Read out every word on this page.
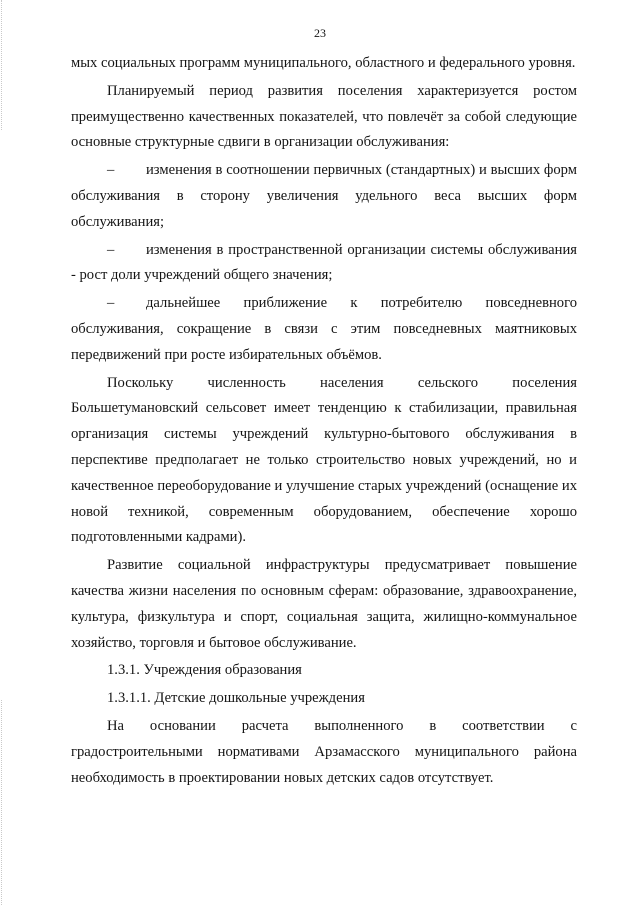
23

мых социальных программ муниципального, областного и федерального уровня.

Планируемый период развития поселения характеризуется ростом преимущественно качественных показателей, что повлечёт за собой следующие основные структурные сдвиги в организации обслуживания:

– изменения в соотношении первичных (стандартных) и высших форм обслуживания в сторону увеличения удельного веса высших форм обслуживания;

– изменения в пространственной организации системы обслуживания - рост доли учреждений общего значения;

– дальнейшее приближение к потребителю повседневного обслуживания, сокращение в связи с этим повседневных маятниковых передвижений при росте избирательных объёмов.

Поскольку численность населения сельского поселения Большетумановский сельсовет имеет тенденцию к стабилизации, правильная организация системы учреждений культурно-бытового обслуживания в перспективе предполагает не только строительство новых учреждений, но и качественное переоборудование и улучшение старых учреждений (оснащение их новой техникой, современным оборудованием, обеспечение хорошо подготовленными кадрами).

Развитие социальной инфраструктуры предусматривает повышение качества жизни населения по основным сферам: образование, здравоохранение, культура, физкультура и спорт, социальная защита, жилищно-коммунальное хозяйство, торговля и бытовое обслуживание.

1.3.1. Учреждения образования

1.3.1.1. Детские дошкольные учреждения

На основании расчета выполненного в соответствии с градостроительными нормативами Арзамасского муниципального района необходимость в проектировании новых детских садов отсутствует.
